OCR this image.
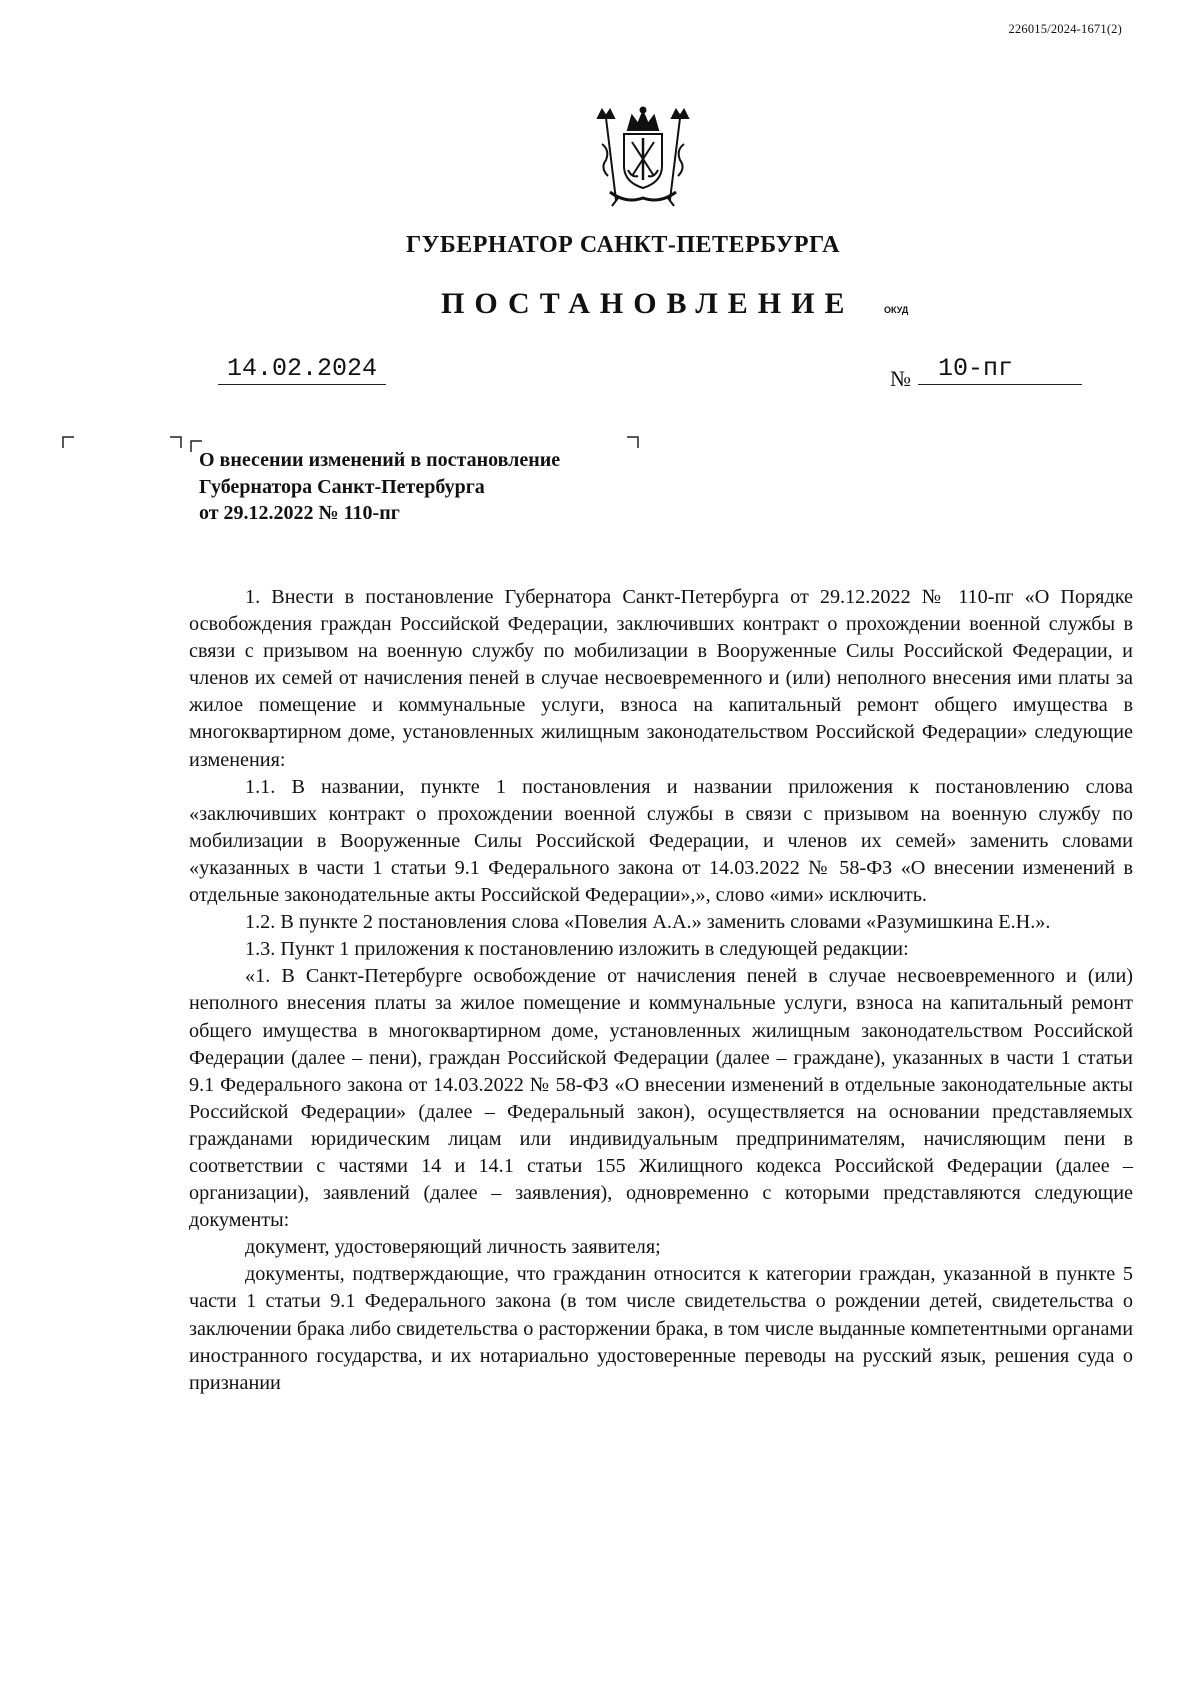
226015/2024-1671(2)
ГУБЕРНАТОР САНКТ-ПЕТЕРБУРГА
ПОСТАНОВЛЕНИЕ	ОКУД
14.02.2024	№	10-пг
О внесении изменений в постановление
Губернатора Санкт-Петербурга
от 29.12.2022 № 110-пг

1. Внести в постановление Губернатора Санкт-Петербурга от 29.12.2022 № 110-пг «О Порядке освобождения граждан Российской Федерации, заключивших контракт о прохождении военной службы в связи с призывом на военную службу по мобилизации в Вооруженные Силы Российской Федерации, и членов их семей от начисления пеней в случае несвоевременного и (или) неполного внесения ими платы за жилое помещение и коммунальные услуги, взноса на капитальный ремонт общего имущества в многоквартирном доме, установленных жилищным законодательством Российской Федерации» следующие изменения:

1.1. В названии, пункте 1 постановления и названии приложения к постановлению слова «заключивших контракт о прохождении военной службы в связи с призывом на военную службу по мобилизации в Вооруженные Силы Российской Федерации, и членов их семей» заменить словами «указанных в части 1 статьи 9.1 Федерального закона от 14.03.2022 № 58-ФЗ «О внесении изменений в отдельные законодательные акты Российской Федерации»,», слово «ими» исключить.

1.2. В пункте 2 постановления слова «Повелия А.А.» заменить словами «Разумишкина Е.Н.».

1.3. Пункт 1 приложения к постановлению изложить в следующей редакции:

«1. В Санкт-Петербурге освобождение от начисления пеней в случае несвоевременного и (или) неполного внесения платы за жилое помещение и коммунальные услуги, взноса на капитальный ремонт общего имущества в многоквартирном доме, установленных жилищным законодательством Российской Федерации (далее – пени), граждан Российской Федерации (далее – граждане), указанных в части 1 статьи 9.1 Федерального закона от 14.03.2022 № 58-ФЗ «О внесении изменений в отдельные законодательные акты Российской Федерации» (далее – Федеральный закон), осуществляется на основании представляемых гражданами юридическим лицам или индивидуальным предпринимателям, начисляющим пени в соответствии с частями 14 и 14.1 статьи 155 Жилищного кодекса Российской Федерации (далее – организации), заявлений (далее – заявления), одновременно с которыми представляются следующие документы:

документ, удостоверяющий личность заявителя;

документы, подтверждающие, что гражданин относится к категории граждан, указанной в пункте 5 части 1 статьи 9.1 Федерального закона (в том числе свидетельства о рождении детей, свидетельства о заключении брака либо свидетельства о расторжении брака, в том числе выданные компетентными органами иностранного государства, и их нотариально удостоверенные переводы на русский язык, решения суда о признании
